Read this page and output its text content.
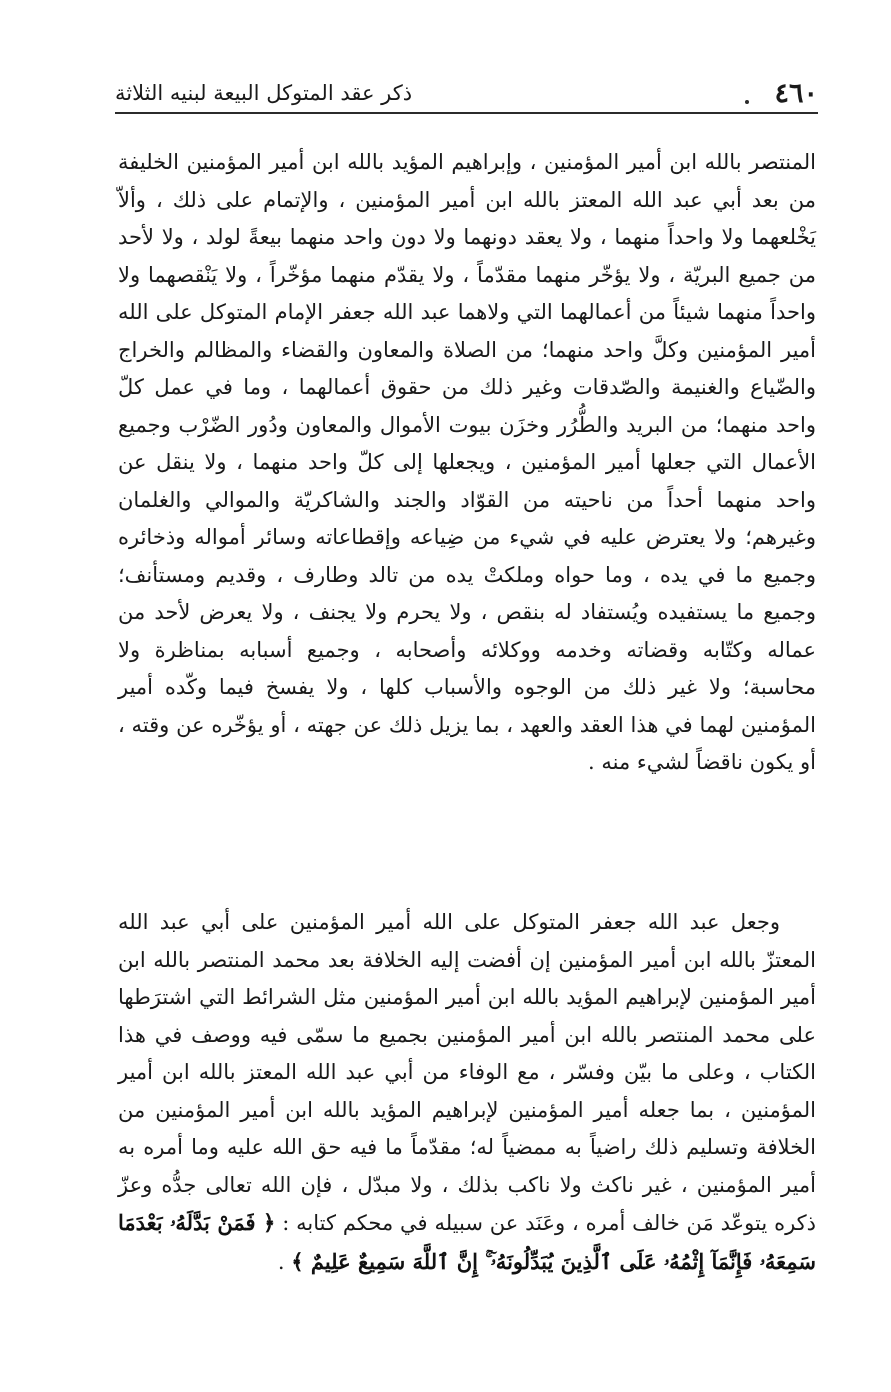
٤٦٠
ذكر عقد المتوكل البيعة لبنيه الثلاثة

المنتصر بالله ابن أمير المؤمنين ، وإبراهيم المؤيد بالله ابن أمير المؤمنين الخليفة من بعد أبي عبد الله المعتز بالله ابن أمير المؤمنين ، والإتمام على ذلك ، وألاّ يَخْلعهما ولا واحداً منهما ، ولا يعقد دونهما ولا دون واحد منهما بيعةً لولد ، ولا لأحد من جميع البريّة ، ولا يؤخّر منهما مقدّماً ، ولا يقدّم منهما مؤخّراً ، ولا يَنْقصهما ولا واحداً منهما شيئاً من أعمالهما التي ولاهما عبد الله جعفر الإمام المتوكل على الله أمير المؤمنين وكلَّ واحد منهما؛ من الصلاة والمعاون والقضاء والمظالم والخراج والضّياع والغنيمة والصّدقات وغير ذلك من حقوق أعمالهما ، وما في عمل كلّ واحد منهما؛ من البريد والطُّرُر وخزَن بيوت الأموال والمعاون ودُور الضّرْب وجميع الأعمال التي جعلها أمير المؤمنين ، ويجعلها إلى كلّ واحد منهما ، ولا ينقل عن واحد منهما أحداً من ناحيته من القوّاد والجند والشاكريّة والموالي والغلمان وغيرهم؛ ولا يعترض عليه في شيء من ضِياعه وإقطاعاته وسائر أمواله وذخائره وجميع ما في يده ، وما حواه وملكتْ يده من تالد وطارف ، وقديم ومستأنف؛ وجميع ما يستفيده ويُستفاد له بنقص ، ولا يحرم ولا يجنف ، ولا يعرض لأحد من عماله وكتّابه وقضاته وخدمه ووكلائه وأصحابه ، وجميع أسبابه بمناظرة ولا محاسبة؛ ولا غير ذلك من الوجوه والأسباب كلها ، ولا يفسخ فيما وكّده أمير المؤمنين لهما في هذا العقد والعهد ، بما يزيل ذلك عن جهته ، أو يؤخّره عن وقته ، أو يكون ناقضاً لشيء منه .

وجعل عبد الله جعفر المتوكل على الله أمير المؤمنين على أبي عبد الله المعتزّ بالله ابن أمير المؤمنين إن أفضت إليه الخلافة بعد محمد المنتصر بالله ابن أمير المؤمنين لإبراهيم المؤيد بالله ابن أمير المؤمنين مثل الشرائط التي اشترَطها على محمد المنتصر بالله ابن أمير المؤمنين بجميع ما سمّى فيه ووصف في هذا الكتاب ، وعلى ما بيّن وفسّر ، مع الوفاء من أبي عبد الله المعتز بالله ابن أمير المؤمنين ، بما جعله أمير المؤمنين لإبراهيم المؤيد بالله ابن أمير المؤمنين من الخلافة وتسليم ذلك راضياً به ممضياً له؛ مقدّماً ما فيه حق الله عليه وما أمره به أمير المؤمنين ، غير ناكث ولا ناكب بذلك ، ولا مبدّل ، فإن الله تعالى جدُّه وعزّ ذكره يتوعّد مَن خالف أمره ، وعَنَد عن سبيله في محكم كتابه : ﴿ فَمَنْ بَدَّلَهُۥ بَعْدَمَا سَمِعَهُۥ فَإِنَّمَآ إِثْمُهُۥ عَلَى ٱلَّذِينَ يُبَدِّلُونَهُۥٓ ۚ إِنَّ ٱللَّهَ سَمِيعٌ عَلِيمٌ ﴾ .
